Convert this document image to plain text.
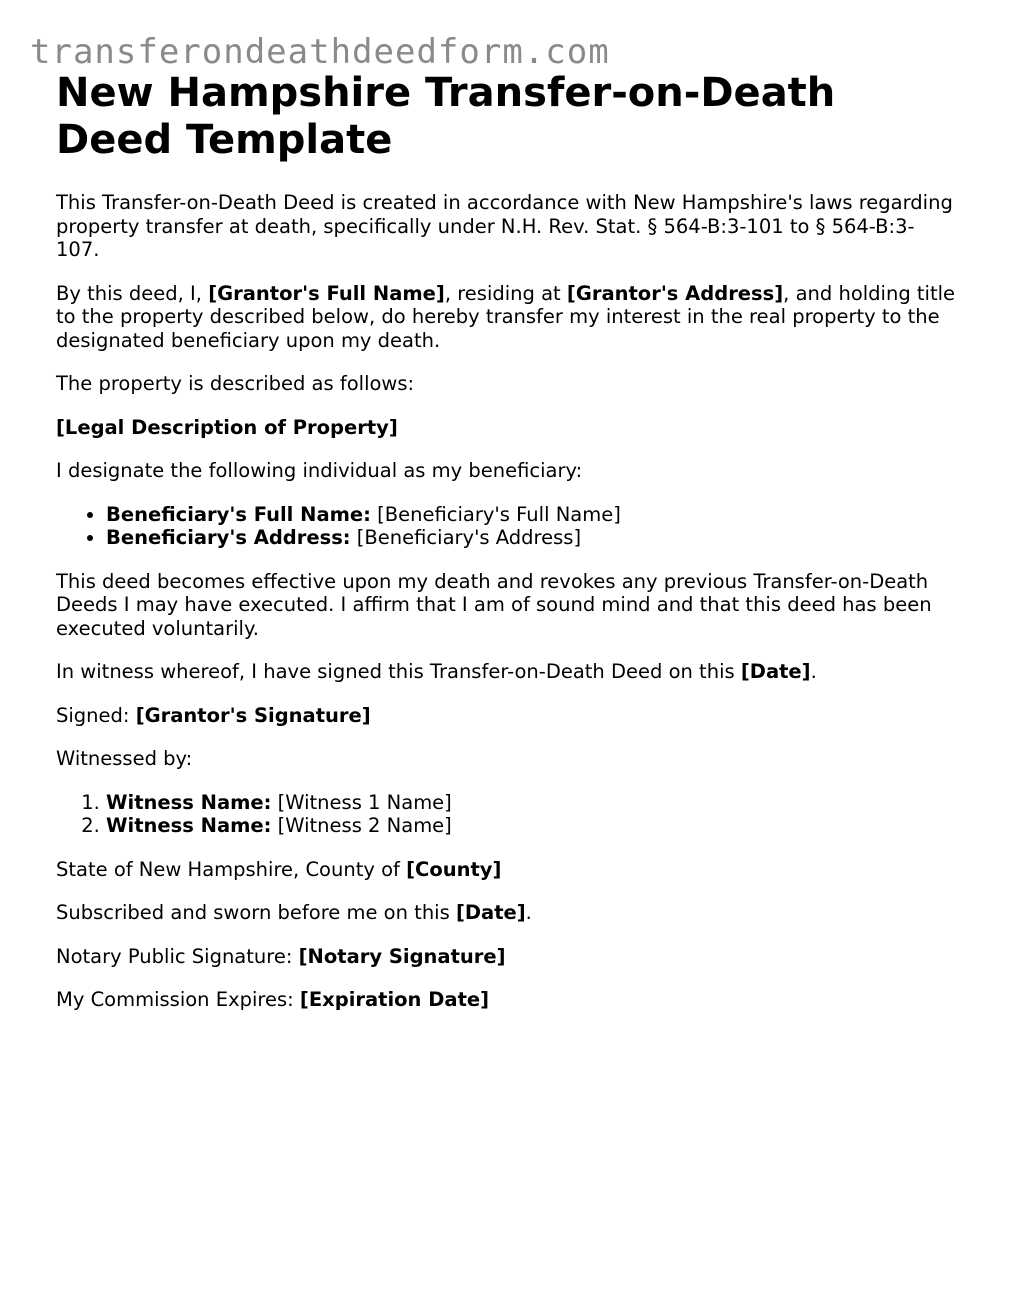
transferondeathdeedform.com
New Hampshire Transfer-on-Death
Deed Template

This Transfer-on-Death Deed is created in accordance with New Hampshire's laws regarding property transfer at death, specifically under N.H. Rev. Stat. § 564-B:3-101 to § 564-B:3-107.

By this deed, I, [Grantor's Full Name], residing at [Grantor's Address], and holding title to the property described below, do hereby transfer my interest in the real property to the designated beneficiary upon my death.

The property is described as follows:

[Legal Description of Property]

I designate the following individual as my beneficiary:

• Beneficiary's Full Name: [Beneficiary's Full Name]
• Beneficiary's Address: [Beneficiary's Address]

This deed becomes effective upon my death and revokes any previous Transfer-on-Death Deeds I may have executed. I affirm that I am of sound mind and that this deed has been executed voluntarily.

In witness whereof, I have signed this Transfer-on-Death Deed on this [Date].

Signed: [Grantor's Signature]

Witnessed by:

1. Witness Name: [Witness 1 Name]
2. Witness Name: [Witness 2 Name]

State of New Hampshire, County of [County]

Subscribed and sworn before me on this [Date].

Notary Public Signature: [Notary Signature]

My Commission Expires: [Expiration Date]
